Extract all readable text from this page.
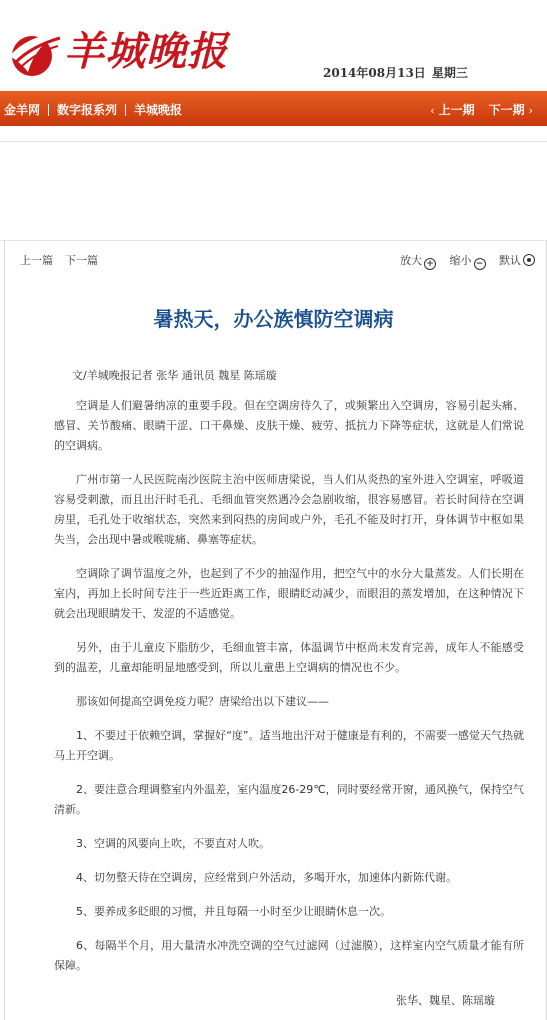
羊城晚报	2014年08月13日 星期三
金羊网 数字报系列 羊城晚报	‹ 上一期 下一期 ›
上一篇 下一篇	放大 + 缩小 − 默认
暑热天，办公族慎防空调病
文/羊城晚报记者 张华 通讯员 魏星 陈瑶璇

空调是人们避暑纳凉的重要手段。但在空调房待久了，或频繁出入空调房，容易引起头痛、感冒、关节酸痛、眼睛干涩、口干鼻燥、皮肤干燥、疲劳、抵抗力下降等症状，这就是人们常说的空调病。

广州市第一人民医院南沙医院主治中医师唐梁说，当人们从炎热的室外进入空调室，呼吸道容易受刺激，而且出汗时毛孔、毛细血管突然遇冷会急剧收缩，很容易感冒。若长时间待在空调房里，毛孔处于收缩状态，突然来到闷热的房间或户外，毛孔不能及时打开，身体调节中枢如果失当，会出现中暑或喉咙痛、鼻塞等症状。

空调除了调节温度之外，也起到了不少的抽湿作用，把空气中的水分大量蒸发。人们长期在室内，再加上长时间专注于一些近距离工作，眼睛眨动减少，而眼泪的蒸发增加，在这种情况下就会出现眼睛发干、发涩的不适感觉。

另外，由于儿童皮下脂肪少，毛细血管丰富，体温调节中枢尚未发育完善，成年人不能感受到的温差，儿童却能明显地感受到，所以儿童患上空调病的情况也不少。

那该如何提高空调免疫力呢？唐梁给出以下建议——

1、不要过于依赖空调，掌握好“度”。适当地出汗对于健康是有利的，不需要一感觉天气热就马上开空调。

2、要注意合理调整室内外温差，室内温度26-29℃，同时要经常开窗，通风换气，保持空气清新。

3、空调的风要向上吹，不要直对人吹。

4、切勿整天待在空调房，应经常到户外活动，多喝开水，加速体内新陈代谢。

5、要养成多眨眼的习惯，并且每隔一小时至少让眼睛休息一次。

6、每隔半个月，用大量清水冲洗空调的空气过滤网（过滤膜），这样室内空气质量才能有所保障。

张华、魏星、陈瑶璇
